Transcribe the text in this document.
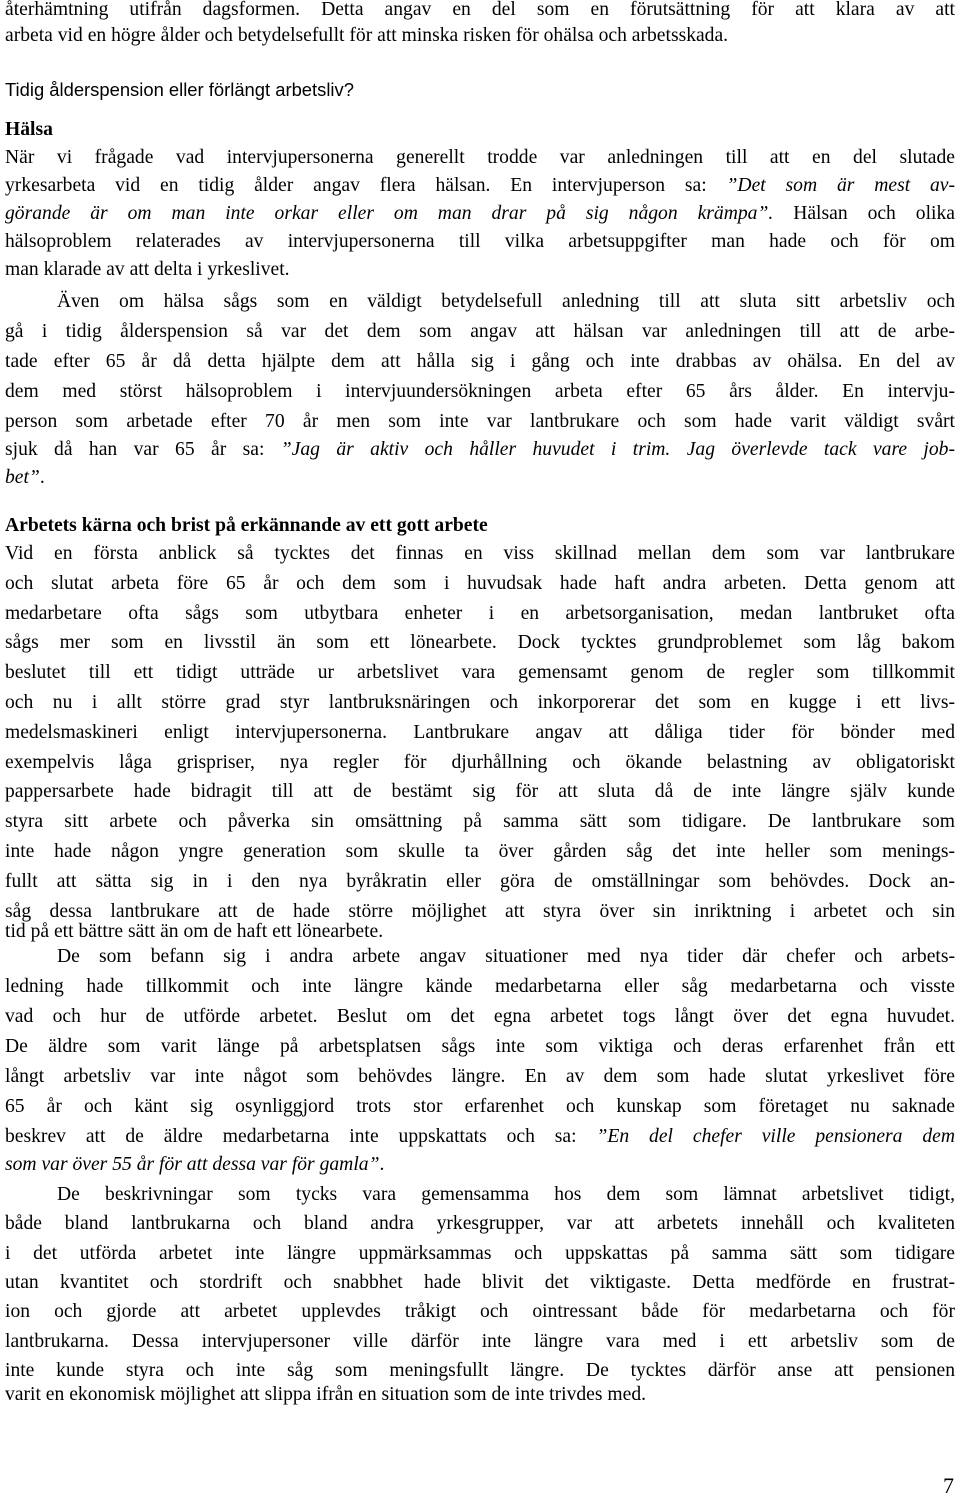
återhämtning utifrån dagsformen. Detta angav en del som en förutsättning för att klara av att
arbeta vid en högre ålder och betydelsefullt för att minska risken för ohälsa och arbetsskada.
Tidig ålderspension eller förlängt arbetsliv?
Hälsa
När vi frågade vad intervjupersonerna generellt trodde var anledningen till att en del slutade
yrkesarbeta vid en tidig ålder angav flera hälsan. En intervjuperson sa: ”Det som är mest av-
görande är om man inte orkar eller om man drar på sig någon krämpa”. Hälsan och olika
hälsoproblem relaterades av intervjupersonerna till vilka arbetsuppgifter man hade och för om
man klarade av att delta i yrkeslivet.
Även om hälsa sågs som en väldigt betydelsefull anledning till att sluta sitt arbetsliv och
gå i tidig ålderspension så var det dem som angav att hälsan var anledningen till att de arbe-
tade efter 65 år då detta hjälpte dem att hålla sig i gång och inte drabbas av ohälsa. En del av
dem med störst hälsoproblem i intervjuundersökningen arbeta efter 65 års ålder. En intervju-
person som arbetade efter 70 år men som inte var lantbrukare och som hade varit väldigt svårt
sjuk då han var 65 år sa: ”Jag är aktiv och håller huvudet i trim. Jag överlevde tack vare job-
bet”.
Arbetets kärna och brist på erkännande av ett gott arbete
Vid en första anblick så tycktes det finnas en viss skillnad mellan dem som var lantbrukare
och slutat arbeta före 65 år och dem som i huvudsak hade haft andra arbeten. Detta genom att
medarbetare ofta sågs som utbytbara enheter i en arbetsorganisation, medan lantbruket ofta
sågs mer som en livsstil än som ett lönearbete. Dock tycktes grundproblemet som låg bakom
beslutet till ett tidigt utträde ur arbetslivet vara gemensamt genom de regler som tillkommit
och nu i allt större grad styr lantbruksnäringen och inkorporerar det som en kugge i ett livs-
medelsmaskineri enligt intervjupersonerna. Lantbrukare angav att dåliga tider för bönder med
exempelvis låga grispriser, nya regler för djurhållning och ökande belastning av obligatoriskt
pappersarbete hade bidragit till att de bestämt sig för att sluta då de inte längre själv kunde
styra sitt arbete och påverka sin omsättning på samma sätt som tidigare. De lantbrukare som
inte hade någon yngre generation som skulle ta över gården såg det inte heller som menings-
fullt att sätta sig in i den nya byråkratin eller göra de omställningar som behövdes. Dock an-
såg dessa lantbrukare att de hade större möjlighet att styra över sin inriktning i arbetet och sin
tid på ett bättre sätt än om de haft ett lönearbete.
De som befann sig i andra arbete angav situationer med nya tider där chefer och arbets-
ledning hade tillkommit och inte längre kände medarbetarna eller såg medarbetarna och visste
vad och hur de utförde arbetet. Beslut om det egna arbetet togs långt över det egna huvudet.
De äldre som varit länge på arbetsplatsen sågs inte som viktiga och deras erfarenhet från ett
långt arbetsliv var inte något som behövdes längre. En av dem som hade slutat yrkeslivet före
65 år och känt sig osynliggjord trots stor erfarenhet och kunskap som företaget nu saknade
beskrev att de äldre medarbetarna inte uppskattats och sa: ”En del chefer ville pensionera dem
som var över 55 år för att dessa var för gamla”.
De beskrivningar som tycks vara gemensamma hos dem som lämnat arbetslivet tidigt,
både bland lantbrukarna och bland andra yrkesgrupper, var att arbetets innehåll och kvaliteten
i det utförda arbetet inte längre uppmärksammas och uppskattas på samma sätt som tidigare
utan kvantitet och stordrift och snabbhet hade blivit det viktigaste. Detta medförde en frustrat-
ion och gjorde att arbetet upplevdes tråkigt och ointressant både för medarbetarna och för
lantbrukarna. Dessa intervjupersoner ville därför inte längre vara med i ett arbetsliv som de
inte kunde styra och inte såg som meningsfullt längre. De tycktes därför anse att pensionen
varit en ekonomisk möjlighet att slippa ifrån en situation som de inte trivdes med.
7
